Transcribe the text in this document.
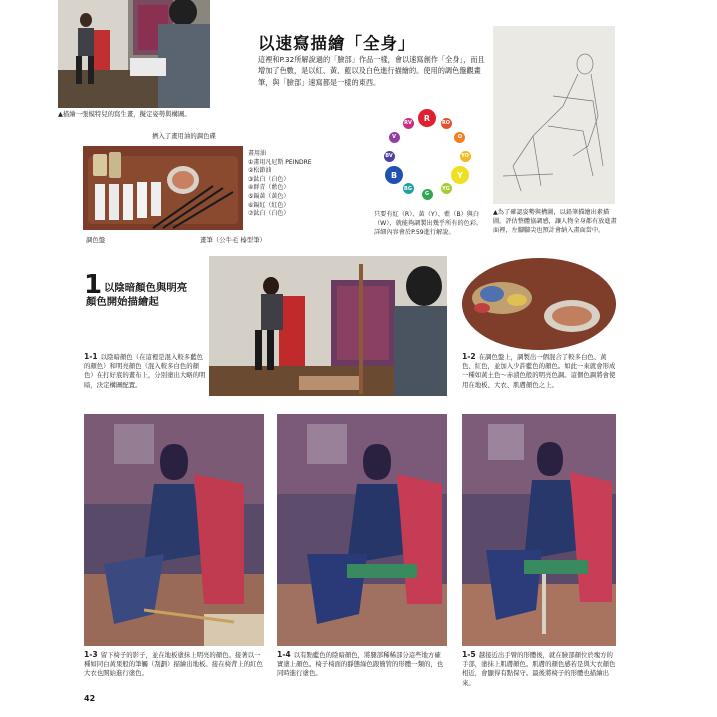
▲描繪一張模特兒的寫生畫，擬定姿勢與構圖。
以速寫描繪「全身」
這裡和P.32所解說過的「臉部」作品一樣，會以速寫創作「全身」，而且增加了色數，是以紅、黃、藍以及白色進行描繪的。使用的調色盤觀畫筆，與「臉部」速寫都是一樣的東西。
▲為了確認姿勢與構圖，以鉛筆描繪出素描圖。評估整體協調感，讓人物全身都有放進畫面裡，左腳腳尖也預計會納入畫面當中。
擠入了畫用油的調色碟
畫用油
①畫用凡尼斯 PEINDRE
②松節油
③鈦白（白色）
④群青（藍色）
⑤鎘黃（黃色）
⑥鎘紅（紅色）
⑦鈦白（白色）
調色盤	畫筆（公牛毛 榛型筆）
R
RO
O
YO
Y
YG
G
BG
B
BV
V
RV
只要有紅（R）、黃（Y）、藍（B）與白（W），就能夠調製出幾乎所有的色彩。詳細內容會於P.59進行解說。
1 以陰暗顏色與明亮
顏色開始描繪起
1-1 以陰暗顏色（在這裡是混入較多藍色的顏色）和明亮顏色（混入較多白色的顏色）在打好底的畫布上，分別塗出大略的明暗，決定構圖配置。
1-2 在調色盤上，調製出一個混合了較多白色、黃色、紅色，並加入少許藍色的顏色。如此一來就會形成一種如黃土色～赤漬色般的明亮色調。這個色調將會使用在地板、大衣、肌膚顏色之上。
1-3 留下椅子的影子，並在地板塗抹上明亮的顏色。接著以一種如同白黃果般的筆觸（刮劃）描繪出地板。接在椅背上的紅色大衣也開始進行塗色。
1-4 以有點藍色的陰暗顏色，將腿部稀稀部分這些地方確實塗上顏色。椅子椅面的靜態綠色跟簡管的形體一類的，也同時進行塗色。
1-5 越接近出手臂的形體後，就在臉部顏位於塊方的手部，塗抹上肌膚顏色。肌膚的顏色感若是與大衣顏色相近，會顯得有點保守。最後將椅子的形體也描繪出來。
42
